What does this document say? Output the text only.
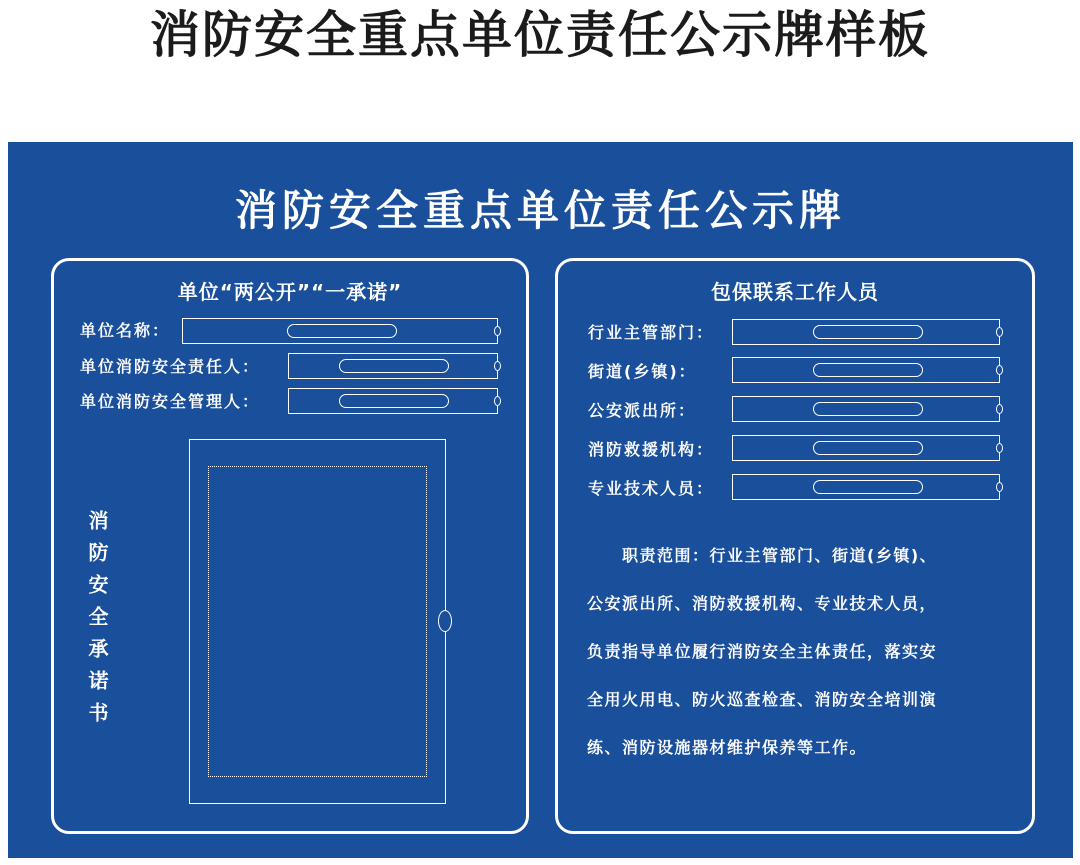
消防安全重点单位责任公示牌样板
消防安全重点单位责任公示牌
单位“两公开”“一承诺”
单位名称：
单位消防安全责任人：
单位消防安全管理人：
消防安全承诺书
包保联系工作人员
行业主管部门：
街道(乡镇)：
公安派出所：
消防救援机构：
专业技术人员：
　　职责范围：行业主管部门、街道(乡镇)、
公安派出所、消防救援机构、专业技术人员，
负责指导单位履行消防安全主体责任，落实安
全用火用电、防火巡查检查、消防安全培训演
练、消防设施器材维护保养等工作。
